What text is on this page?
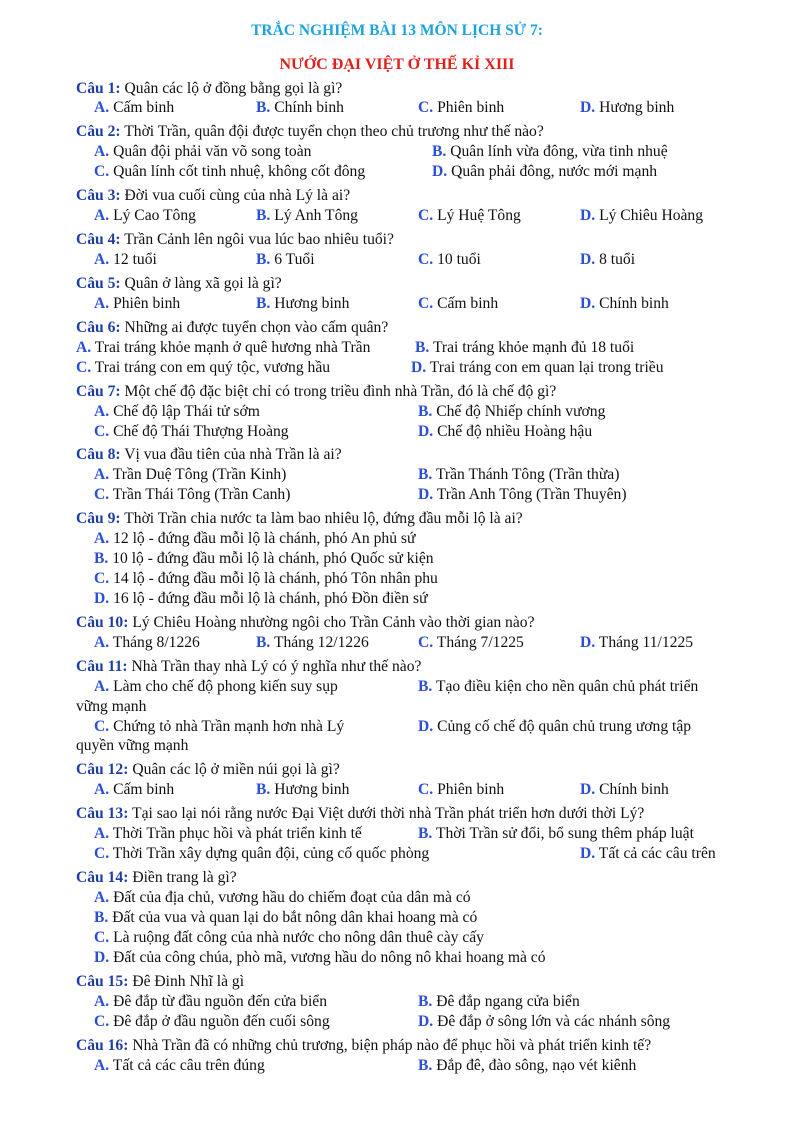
TRẮC NGHIỆM BÀI 13 MÔN LỊCH SỬ 7:
NƯỚC ĐẠI VIỆT Ở THẾ KỈ XIII
Câu 1: Quân các lộ ở đồng bằng gọi là gì?
A. Cấm binh	B. Chính binh	C. Phiên binh	D. Hương binh
Câu 2: Thời Trần, quân đội được tuyển chọn theo chủ trương như thế nào?
A. Quân đội phải văn võ song toàn	B. Quân lính vừa đông, vừa tinh nhuệ
C. Quân lính cốt tinh nhuệ, không cốt đông	D. Quân phải đông, nước mới mạnh
Câu 3: Đời vua cuối cùng của nhà Lý là ai?
A. Lý Cao Tông	B. Lý Anh Tông	C. Lý Huệ Tông	D. Lý Chiêu Hoàng
Câu 4: Trần Cảnh lên ngôi vua lúc bao nhiêu tuổi?
A. 12 tuổi	B. 6 Tuổi	C. 10 tuổi	D. 8 tuổi
Câu 5: Quân ở làng xã gọi là gì?
A. Phiên binh	B. Hương binh	C. Cấm binh	D. Chính binh
Câu 6: Những ai được tuyển chọn vào cấm quân?
A. Trai tráng khỏe mạnh ở quê hương nhà Trần	B. Trai tráng khỏe mạnh đủ 18 tuổi
C. Trai tráng con em quý tộc, vương hầu	D. Trai tráng con em quan lại trong triều
Câu 7: Một chế độ đặc biệt chỉ có trong triều đình nhà Trần, đó là chế độ gì?
A. Chế độ lập Thái tử sớm	B. Chế độ Nhiếp chính vương
C. Chế độ Thái Thượng Hoàng	D. Chế độ nhiều Hoàng hậu
Câu 8: Vị vua đầu tiên của nhà Trần là ai?
A. Trần Duệ Tông (Trần Kinh)	B. Trần Thánh Tông (Trần thừa)
C. Trần Thái Tông (Trần Canh)	D. Trần Anh Tông (Trần Thuyên)
Câu 9: Thời Trần chia nước ta làm bao nhiêu lộ, đứng đầu mỗi lộ là ai?
A. 12 lộ - đứng đầu mỗi lộ là chánh, phó An phủ sứ
B. 10 lộ - đứng đầu mỗi lộ là chánh, phó Quốc sử kiện
C. 14 lộ - đứng đầu mỗi lộ là chánh, phó Tôn nhân phu
D. 16 lộ - đứng đầu mỗi lộ là chánh, phó Đồn điền sứ
Câu 10: Lý Chiêu Hoàng nhường ngôi cho Trần Cảnh vào thời gian nào?
A. Tháng 8/1226	B. Tháng 12/1226	C. Tháng 7/1225	D. Tháng 11/1225
Câu 11: Nhà Trần thay nhà Lý có ý nghĩa như thế nào?
A. Làm cho chế độ phong kiến suy sụp	B. Tạo điều kiện cho nền quân chủ phát triển
vững mạnh
C. Chứng tỏ nhà Trần mạnh hơn nhà Lý	D. Củng cố chế độ quân chủ trung ương tập
quyền vững mạnh
Câu 12: Quân các lộ ở miền núi gọi là gì?
A. Cấm binh	B. Hương binh	C. Phiên binh	D. Chính binh
Câu 13: Tại sao lại nói rằng nước Đại Việt dưới thời nhà Trần phát triển hơn dưới thời Lý?
A. Thời Trần phục hồi và phát triển kinh tế	B. Thời Trần sử đổi, bổ sung thêm pháp luật
C. Thời Trần xây dựng quân đội, củng cố quốc phòng	D. Tất cả các câu trên
Câu 14: Điền trang là gì?
A. Đất của địa chủ, vương hầu do chiếm đoạt của dân mà có
B. Đất của vua và quan lại do bắt nông dân khai hoang mà có
C. Là ruộng đất công của nhà nước cho nông dân thuê cày cấy
D. Đất của công chúa, phò mã, vương hầu do nông nô khai hoang mà có
Câu 15: Đê Đinh Nhĩ là gì
A. Đê đắp từ đầu nguồn đến cửa biển	B. Đê đắp ngang cửa biển
C. Đê đắp ở đầu nguồn đến cuối sông	D. Đê đắp ở sông lớn và các nhánh sông
Câu 16: Nhà Trần đã có những chủ trương, biện pháp nào để phục hồi và phát triển kinh tế?
A. Tất cả các câu trên đúng	B. Đắp đê, đào sông, nạo vét kiênh
